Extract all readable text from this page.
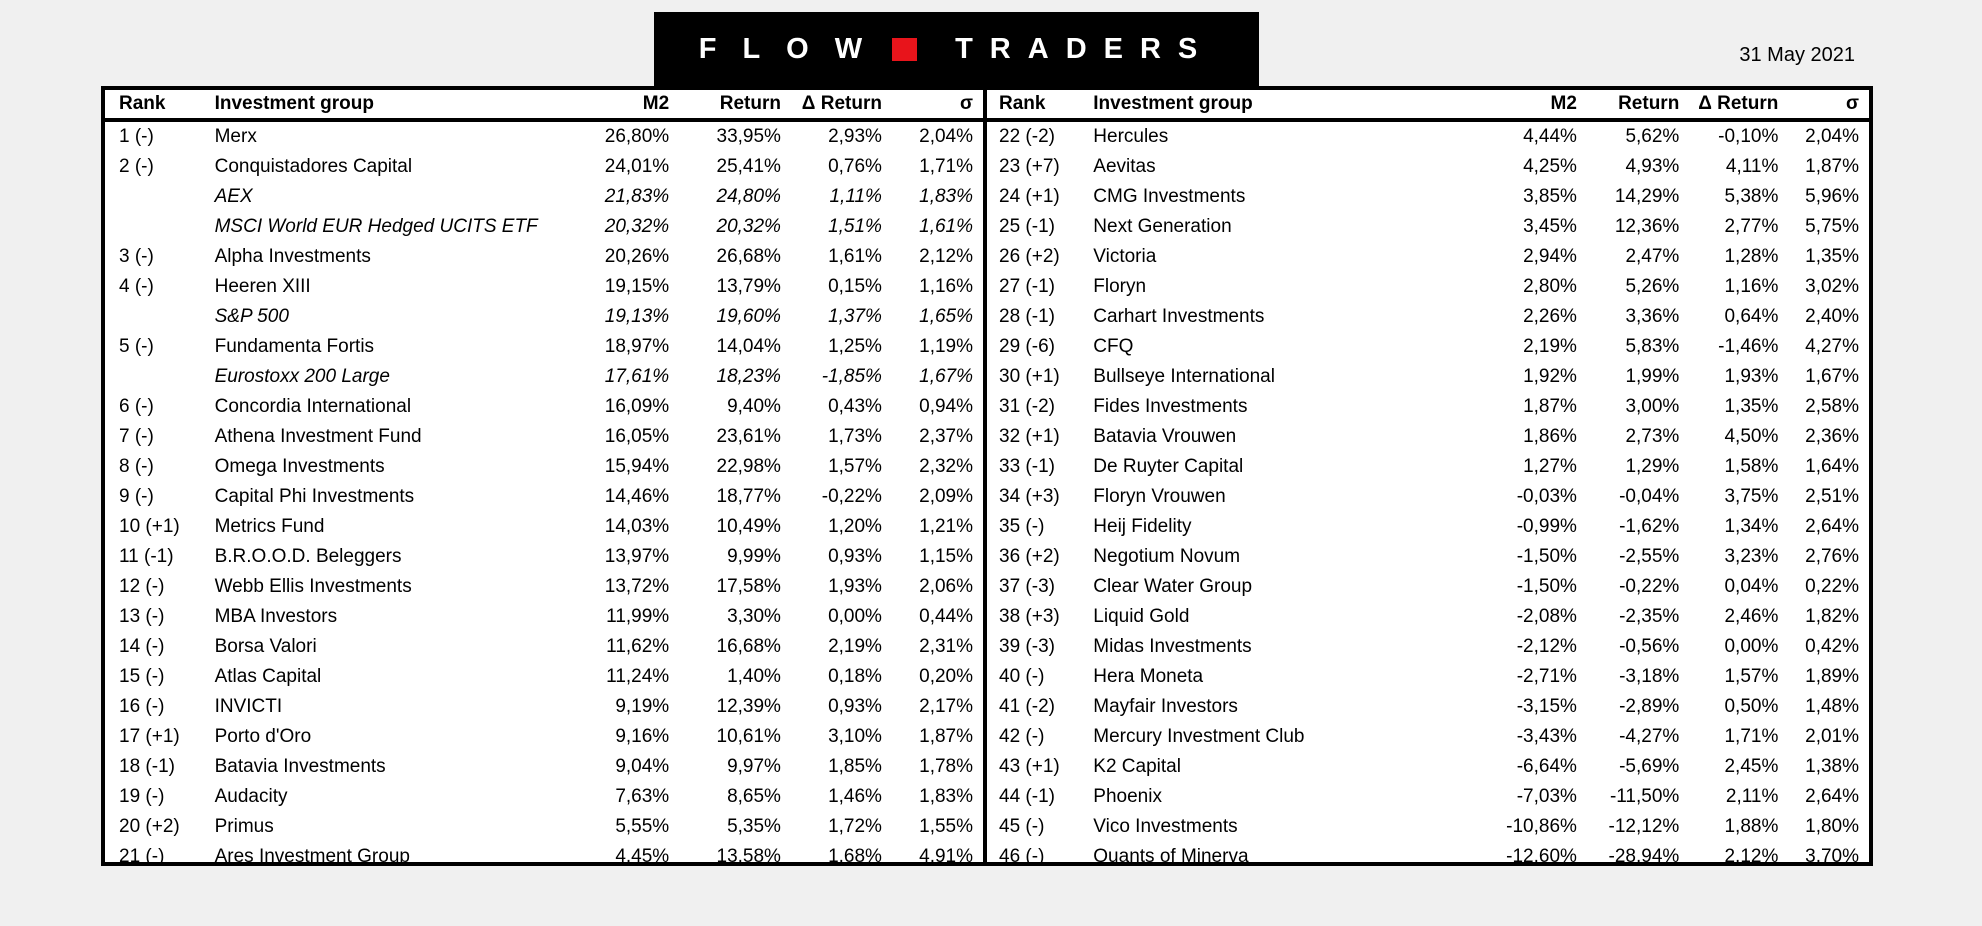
FLOW TRADERS	31 May 2021
Rank	Investment group	M2	Return	Δ Return	σ
1 (-)	Merx	26,80%	33,95%	2,93%	2,04%
2 (-)	Conquistadores Capital	24,01%	25,41%	0,76%	1,71%
	AEX	21,83%	24,80%	1,11%	1,83%
	MSCI World EUR Hedged UCITS ETF	20,32%	20,32%	1,51%	1,61%
3 (-)	Alpha Investments	20,26%	26,68%	1,61%	2,12%
4 (-)	Heeren XIII	19,15%	13,79%	0,15%	1,16%
	S&P 500	19,13%	19,60%	1,37%	1,65%
5 (-)	Fundamenta Fortis	18,97%	14,04%	1,25%	1,19%
	Eurostoxx 200 Large	17,61%	18,23%	-1,85%	1,67%
6 (-)	Concordia International	16,09%	9,40%	0,43%	0,94%
7 (-)	Athena Investment Fund	16,05%	23,61%	1,73%	2,37%
8 (-)	Omega Investments	15,94%	22,98%	1,57%	2,32%
9 (-)	Capital Phi Investments	14,46%	18,77%	-0,22%	2,09%
10 (+1)	Metrics Fund	14,03%	10,49%	1,20%	1,21%
11 (-1)	B.R.O.O.D. Beleggers	13,97%	9,99%	0,93%	1,15%
12 (-)	Webb Ellis Investments	13,72%	17,58%	1,93%	2,06%
13 (-)	MBA Investors	11,99%	3,30%	0,00%	0,44%
14 (-)	Borsa Valori	11,62%	16,68%	2,19%	2,31%
15 (-)	Atlas Capital	11,24%	1,40%	0,18%	0,20%
16 (-)	INVICTI	9,19%	12,39%	0,93%	2,17%
17 (+1)	Porto d'Oro	9,16%	10,61%	3,10%	1,87%
18 (-1)	Batavia Investments	9,04%	9,97%	1,85%	1,78%
19 (-)	Audacity	7,63%	8,65%	1,46%	1,83%
20 (+2)	Primus	5,55%	5,35%	1,72%	1,55%
21 (-)	Ares Investment Group	4,45%	13,58%	1,68%	4,91%
Rank	Investment group	M2	Return	Δ Return	σ
22 (-2)	Hercules	4,44%	5,62%	-0,10%	2,04%
23 (+7)	Aevitas	4,25%	4,93%	4,11%	1,87%
24 (+1)	CMG Investments	3,85%	14,29%	5,38%	5,96%
25 (-1)	Next Generation	3,45%	12,36%	2,77%	5,75%
26 (+2)	Victoria	2,94%	2,47%	1,28%	1,35%
27 (-1)	Floryn	2,80%	5,26%	1,16%	3,02%
28 (-1)	Carhart Investments	2,26%	3,36%	0,64%	2,40%
29 (-6)	CFQ	2,19%	5,83%	-1,46%	4,27%
30 (+1)	Bullseye International	1,92%	1,99%	1,93%	1,67%
31 (-2)	Fides Investments	1,87%	3,00%	1,35%	2,58%
32 (+1)	Batavia Vrouwen	1,86%	2,73%	4,50%	2,36%
33 (-1)	De Ruyter Capital	1,27%	1,29%	1,58%	1,64%
34 (+3)	Floryn Vrouwen	-0,03%	-0,04%	3,75%	2,51%
35 (-)	Heij Fidelity	-0,99%	-1,62%	1,34%	2,64%
36 (+2)	Negotium Novum	-1,50%	-2,55%	3,23%	2,76%
37 (-3)	Clear Water Group	-1,50%	-0,22%	0,04%	0,22%
38 (+3)	Liquid Gold	-2,08%	-2,35%	2,46%	1,82%
39 (-3)	Midas Investments	-2,12%	-0,56%	0,00%	0,42%
40 (-)	Hera Moneta	-2,71%	-3,18%	1,57%	1,89%
41 (-2)	Mayfair Investors	-3,15%	-2,89%	0,50%	1,48%
42 (-)	Mercury Investment Club	-3,43%	-4,27%	1,71%	2,01%
43 (+1)	K2 Capital	-6,64%	-5,69%	2,45%	1,38%
44 (-1)	Phoenix	-7,03%	-11,50%	2,11%	2,64%
45 (-)	Vico Investments	-10,86%	-12,12%	1,88%	1,80%
46 (-)	Quants of Minerva	-12,60%	-28,94%	2,12%	3,70%
